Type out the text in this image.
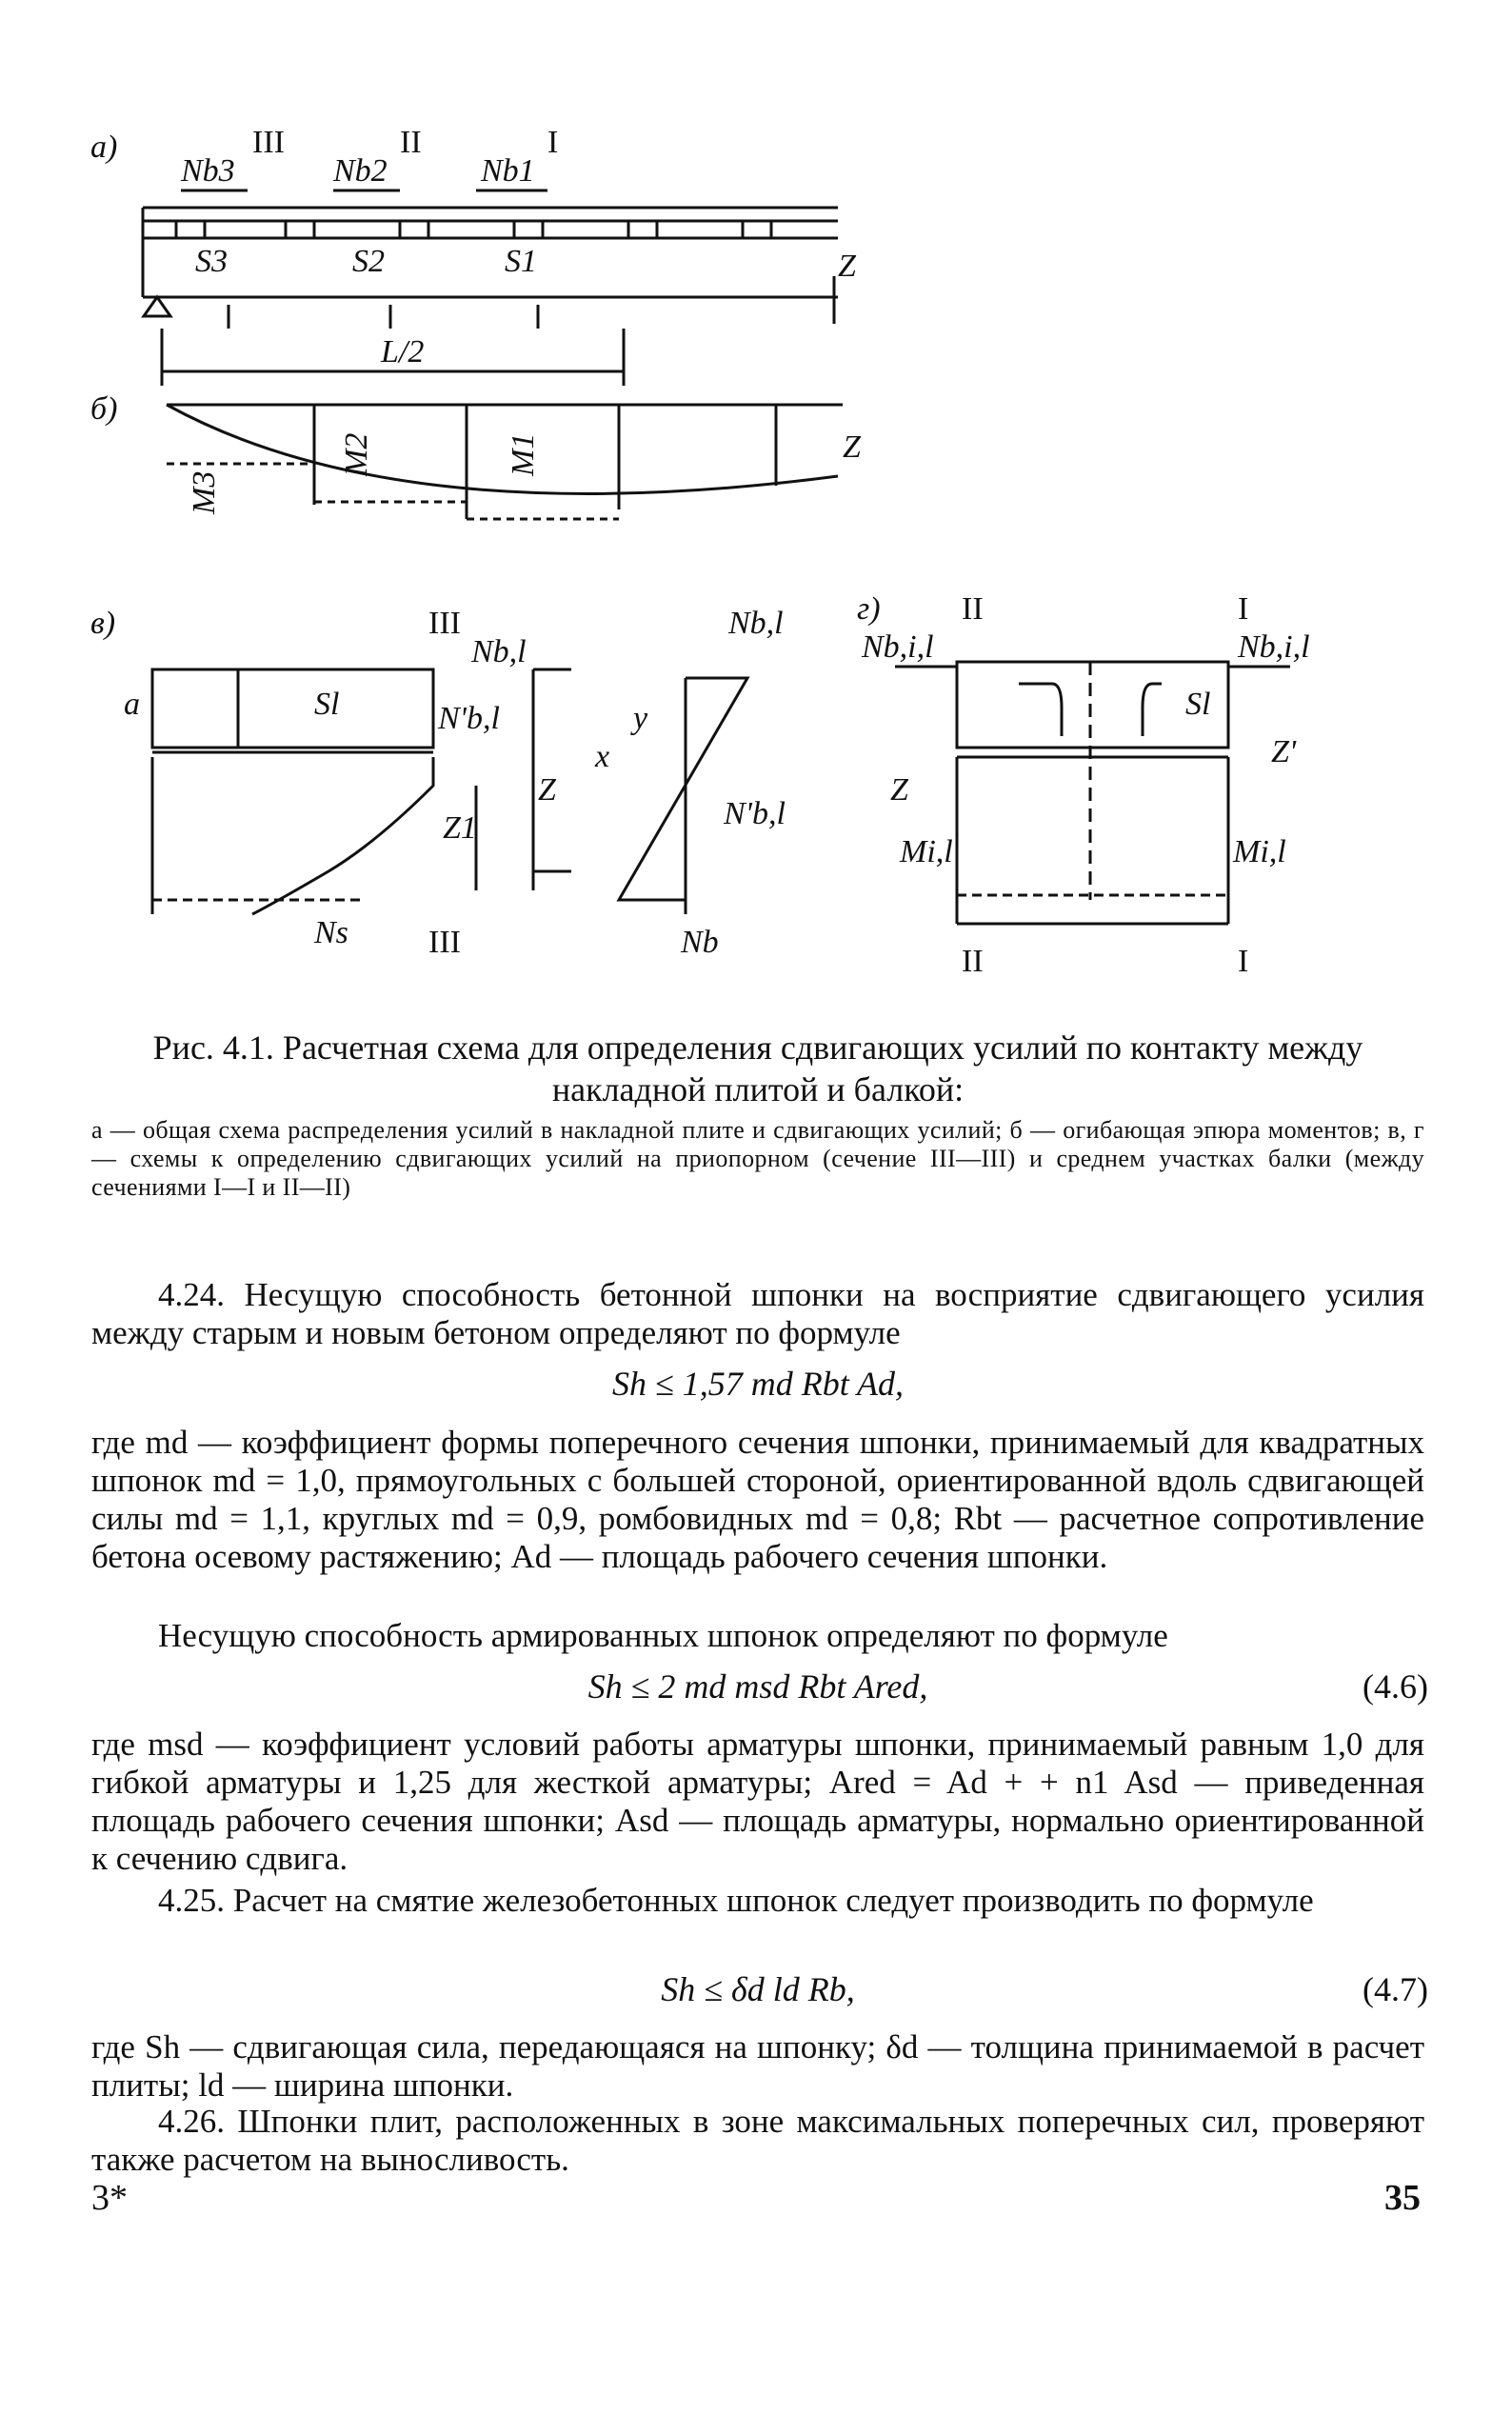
а)
б)
в)	г)
III	II	I
Nb3	Nb2	Nb1
S3	S2	S1
L/2
Z
M3
M2	M1	Z
III
Nb,l
a	Sl	N'b,l
Z
Z1
Ns III
Nb,l
y
x
N'b,l
Nb
II	I
Nb,i,l	Nb,i,l
Sl
Z
Z'
Mi,l	Mi,l
II	I
Рис. 4.1. Расчетная схема для определения сдвигающих усилий по контакту между накладной плитой и балкой:
а — общая схема распределения усилий в накладной плите и сдвигающих усилий; б — огибающая эпюра моментов; в, г — схемы к определению сдвигающих усилий на приопорном (сечение III—III) и среднем участках балки (между сечениями I—I и II—II)
4.24. Несущую способность бетонной шпонки на восприятие сдвигающего усилия между старым и новым бетоном определяют по формуле
Sh ≤ 1,57 md Rbt Ad,
где md — коэффициент формы поперечного сечения шпонки, принимаемый для квадратных шпонок md = 1,0, прямоугольных с большей стороной, ориентированной вдоль сдвигающей силы md = 1,1, круглых md = 0,9, ромбовидных md = 0,8; Rbt — расчетное сопротивление бетона осевому растяжению; Ad — площадь рабочего сечения шпонки.
Несущую способность армированных шпонок определяют по формуле
Sh ≤ 2 md msd Rbt Ared,	(4.6)
где msd — коэффициент условий работы арматуры шпонки, принимаемый равным 1,0 для гибкой арматуры и 1,25 для жесткой арматуры; Ared = Ad + + n1 Asd — приведенная площадь рабочего сечения шпонки; Asd — площадь арматуры, нормально ориентированной к сечению сдвига.
4.25. Расчет на смятие железобетонных шпонок следует производить по формуле
Sh ≤ δd ld Rb,	(4.7)
где Sh — сдвигающая сила, передающаяся на шпонку; δd — толщина принимаемой в расчет плиты; ld — ширина шпонки.
4.26. Шпонки плит, расположенных в зоне максимальных поперечных сил, проверяют также расчетом на выносливость.
3*	35
